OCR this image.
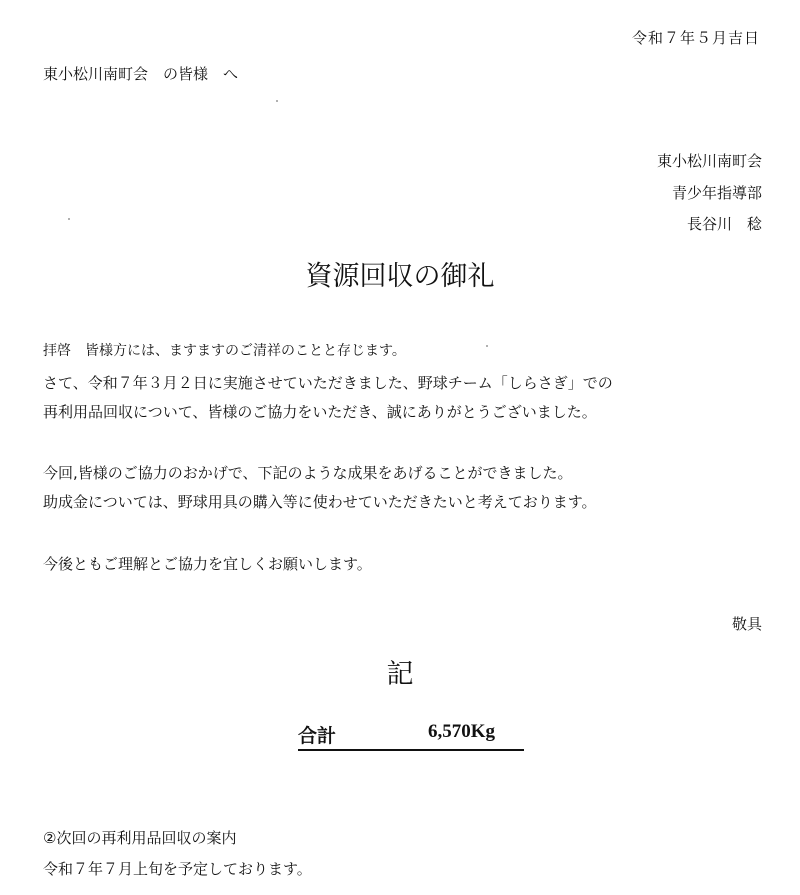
令和７年５月吉日
東小松川南町会　の皆様　へ
東小松川南町会
青少年指導部
長谷川　稔
資源回収の御礼
拝啓　皆様方には、ますますのご清祥のことと存じます。
さて、令和７年３月２日に実施させていただきました、野球チーム「しらさぎ」での
再利用品回収について、皆様のご協力をいただき、誠にありがとうございました。
今回,皆様のご協力のおかげで、下記のような成果をあげることができました。
助成金については、野球用具の購入等に使わせていただきたいと考えております。
今後ともご理解とご協力を宜しくお願いします。
敬具
記
合計	6,570Kg
②次回の再利用品回収の案内
令和７年７月上旬を予定しております。
